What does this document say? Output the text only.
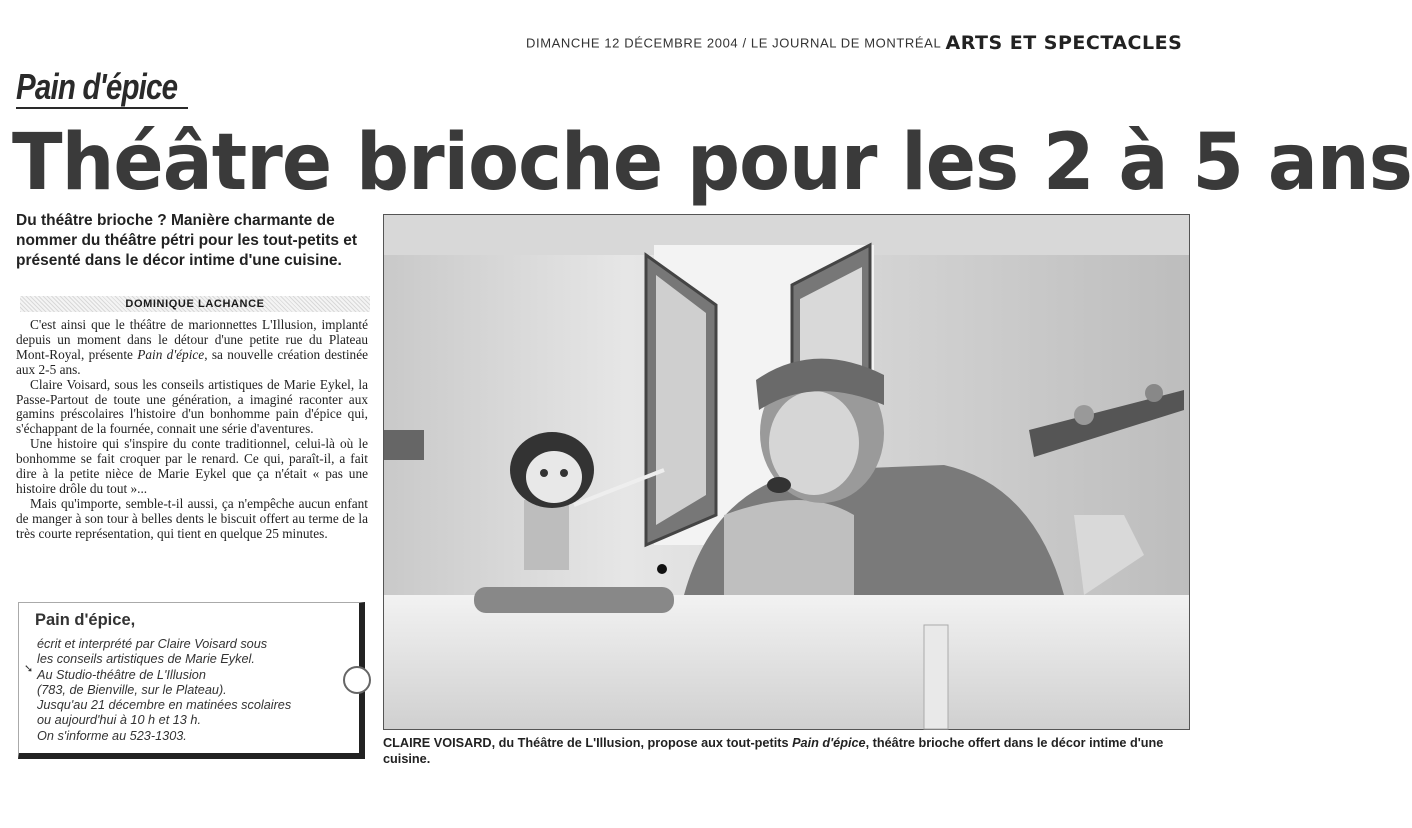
DIMANCHE 12 DÉCEMBRE 2004 / LE JOURNAL DE MONTRÉAL ARTS ET SPECTACLES
Pain d'épice
Théâtre brioche pour les 2 à 5 ans
Du théâtre brioche ? Manière charmante de nommer du théâtre pétri pour les tout-petits et présenté dans le décor intime d'une cuisine.
DOMINIQUE LACHANCE

C'est ainsi que le théâtre de marionnettes L'Illusion, implanté depuis un moment dans le détour d'une petite rue du Plateau Mont-Royal, présente Pain d'épice, sa nouvelle création destinée aux 2-5 ans.

Claire Voisard, sous les conseils artistiques de Marie Eykel, la Passe-Partout de toute une génération, a imaginé raconter aux gamins préscolaires l'histoire d'un bonhomme pain d'épice qui, s'échappant de la fournée, connait une série d'aventures.

Une histoire qui s'inspire du conte traditionnel, celui-là où le bonhomme se fait croquer par le renard. Ce qui, paraît-il, a fait dire à la petite nièce de Marie Eykel que ça n'était « pas une histoire drôle du tout »...

Mais qu'importe, semble-t-il aussi, ça n'empêche aucun enfant de manger à son tour à belles dents le biscuit offert au terme de la très courte représentation, qui tient en quelque 25 minutes.

Pain d'épice,
écrit et interprété par Claire Voisard sous
les conseils artistiques de Marie Eykel.
Au Studio-théâtre de L'Illusion
(783, de Bienville, sur le Plateau).
Jusqu'au 21 décembre en matinées scolaires
ou aujourd'hui à 10 h et 13 h.
On s'informe au 523-1303.
➘
CLAIRE VOISARD, du Théâtre de L'Illusion, propose aux tout-petits Pain d'épice, théâtre brioche offert dans le décor intime d'une cuisine.
